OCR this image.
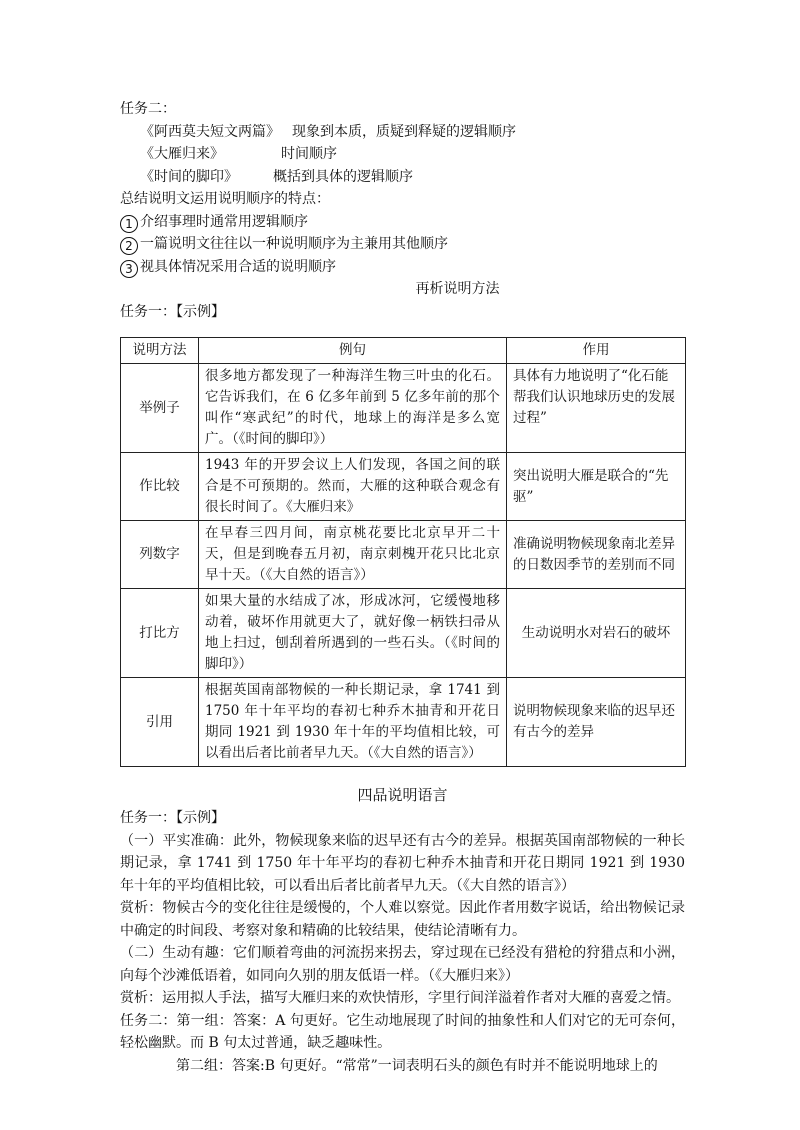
任务二：
《阿西莫夫短文两篇》 现象到本质，质疑到释疑的逻辑顺序
《大雁归来》	时间顺序
《时间的脚印》	概括到具体的逻辑顺序
总结说明文运用说明顺序的特点：
1 介绍事理时通常用逻辑顺序
2 一篇说明文往往以一种说明顺序为主兼用其他顺序
3 视具体情况采用合适的说明顺序
再析说明方法
任务一：【示例】
说明方法	例句	作用
举例子	很多地方都发现了一种海洋生物三叶虫的化石。它告诉我们，在 6 亿多年前到 5 亿多年前的那个叫作“寒武纪”的时代，地球上的海洋是多么宽广。（《时间的脚印》）	具体有力地说明了“化石能帮我们认识地球历史的发展过程”
作比较	1943 年的开罗会议上人们发现，各国之间的联合是不可预期的。然而，大雁的这种联合观念有很长时间了。《大雁归来》	突出说明大雁是联合的“先驱”
列数字	在早春三四月间，南京桃花要比北京早开二十天，但是到晚春五月初，南京刺槐开花只比北京早十天。（《大自然的语言》）	准确说明物候现象南北差异的日数因季节的差别而不同
打比方	如果大量的水结成了冰，形成冰河，它缓慢地移动着，破坏作用就更大了，就好像一柄铁扫帚从地上扫过，刨刮着所遇到的一些石头。（《时间的脚印》）	生动说明水对岩石的破坏
引用	根据英国南部物候的一种长期记录，拿 1741 到 1750 年十年平均的春初七种乔木抽青和开花日期同 1921 到 1930 年十年的平均值相比较，可以看出后者比前者早九天。（《大自然的语言》）	说明物候现象来临的迟早还有古今的差异
四品说明语言
任务一：【示例】
（一）平实准确：此外，物候现象来临的迟早还有古今的差异。根据英国南部物候的一种长期记录，拿 1741 到 1750 年十年平均的春初七种乔木抽青和开花日期同 1921 到 1930 年十年的平均值相比较，可以看出后者比前者早九天。（《大自然的语言》）
赏析：物候古今的变化往往是缓慢的，个人难以察觉。因此作者用数字说话，给出物候记录中确定的时间段、考察对象和精确的比较结果，使结论清晰有力。
（二）生动有趣：它们顺着弯曲的河流拐来拐去，穿过现在已经没有猎枪的狩猎点和小洲，向每个沙滩低语着，如同向久别的朋友低语一样。（《大雁归来》）
赏析：运用拟人手法，描写大雁归来的欢快情形，字里行间洋溢着作者对大雁的喜爱之情。
任务二：第一组：答案：A 句更好。它生动地展现了时间的抽象性和人们对它的无可奈何，轻松幽默。而 B 句太过普通，缺乏趣味性。
第二组：答案:B 句更好。“常常”一词表明石头的颜色有时并不能说明地球上的
